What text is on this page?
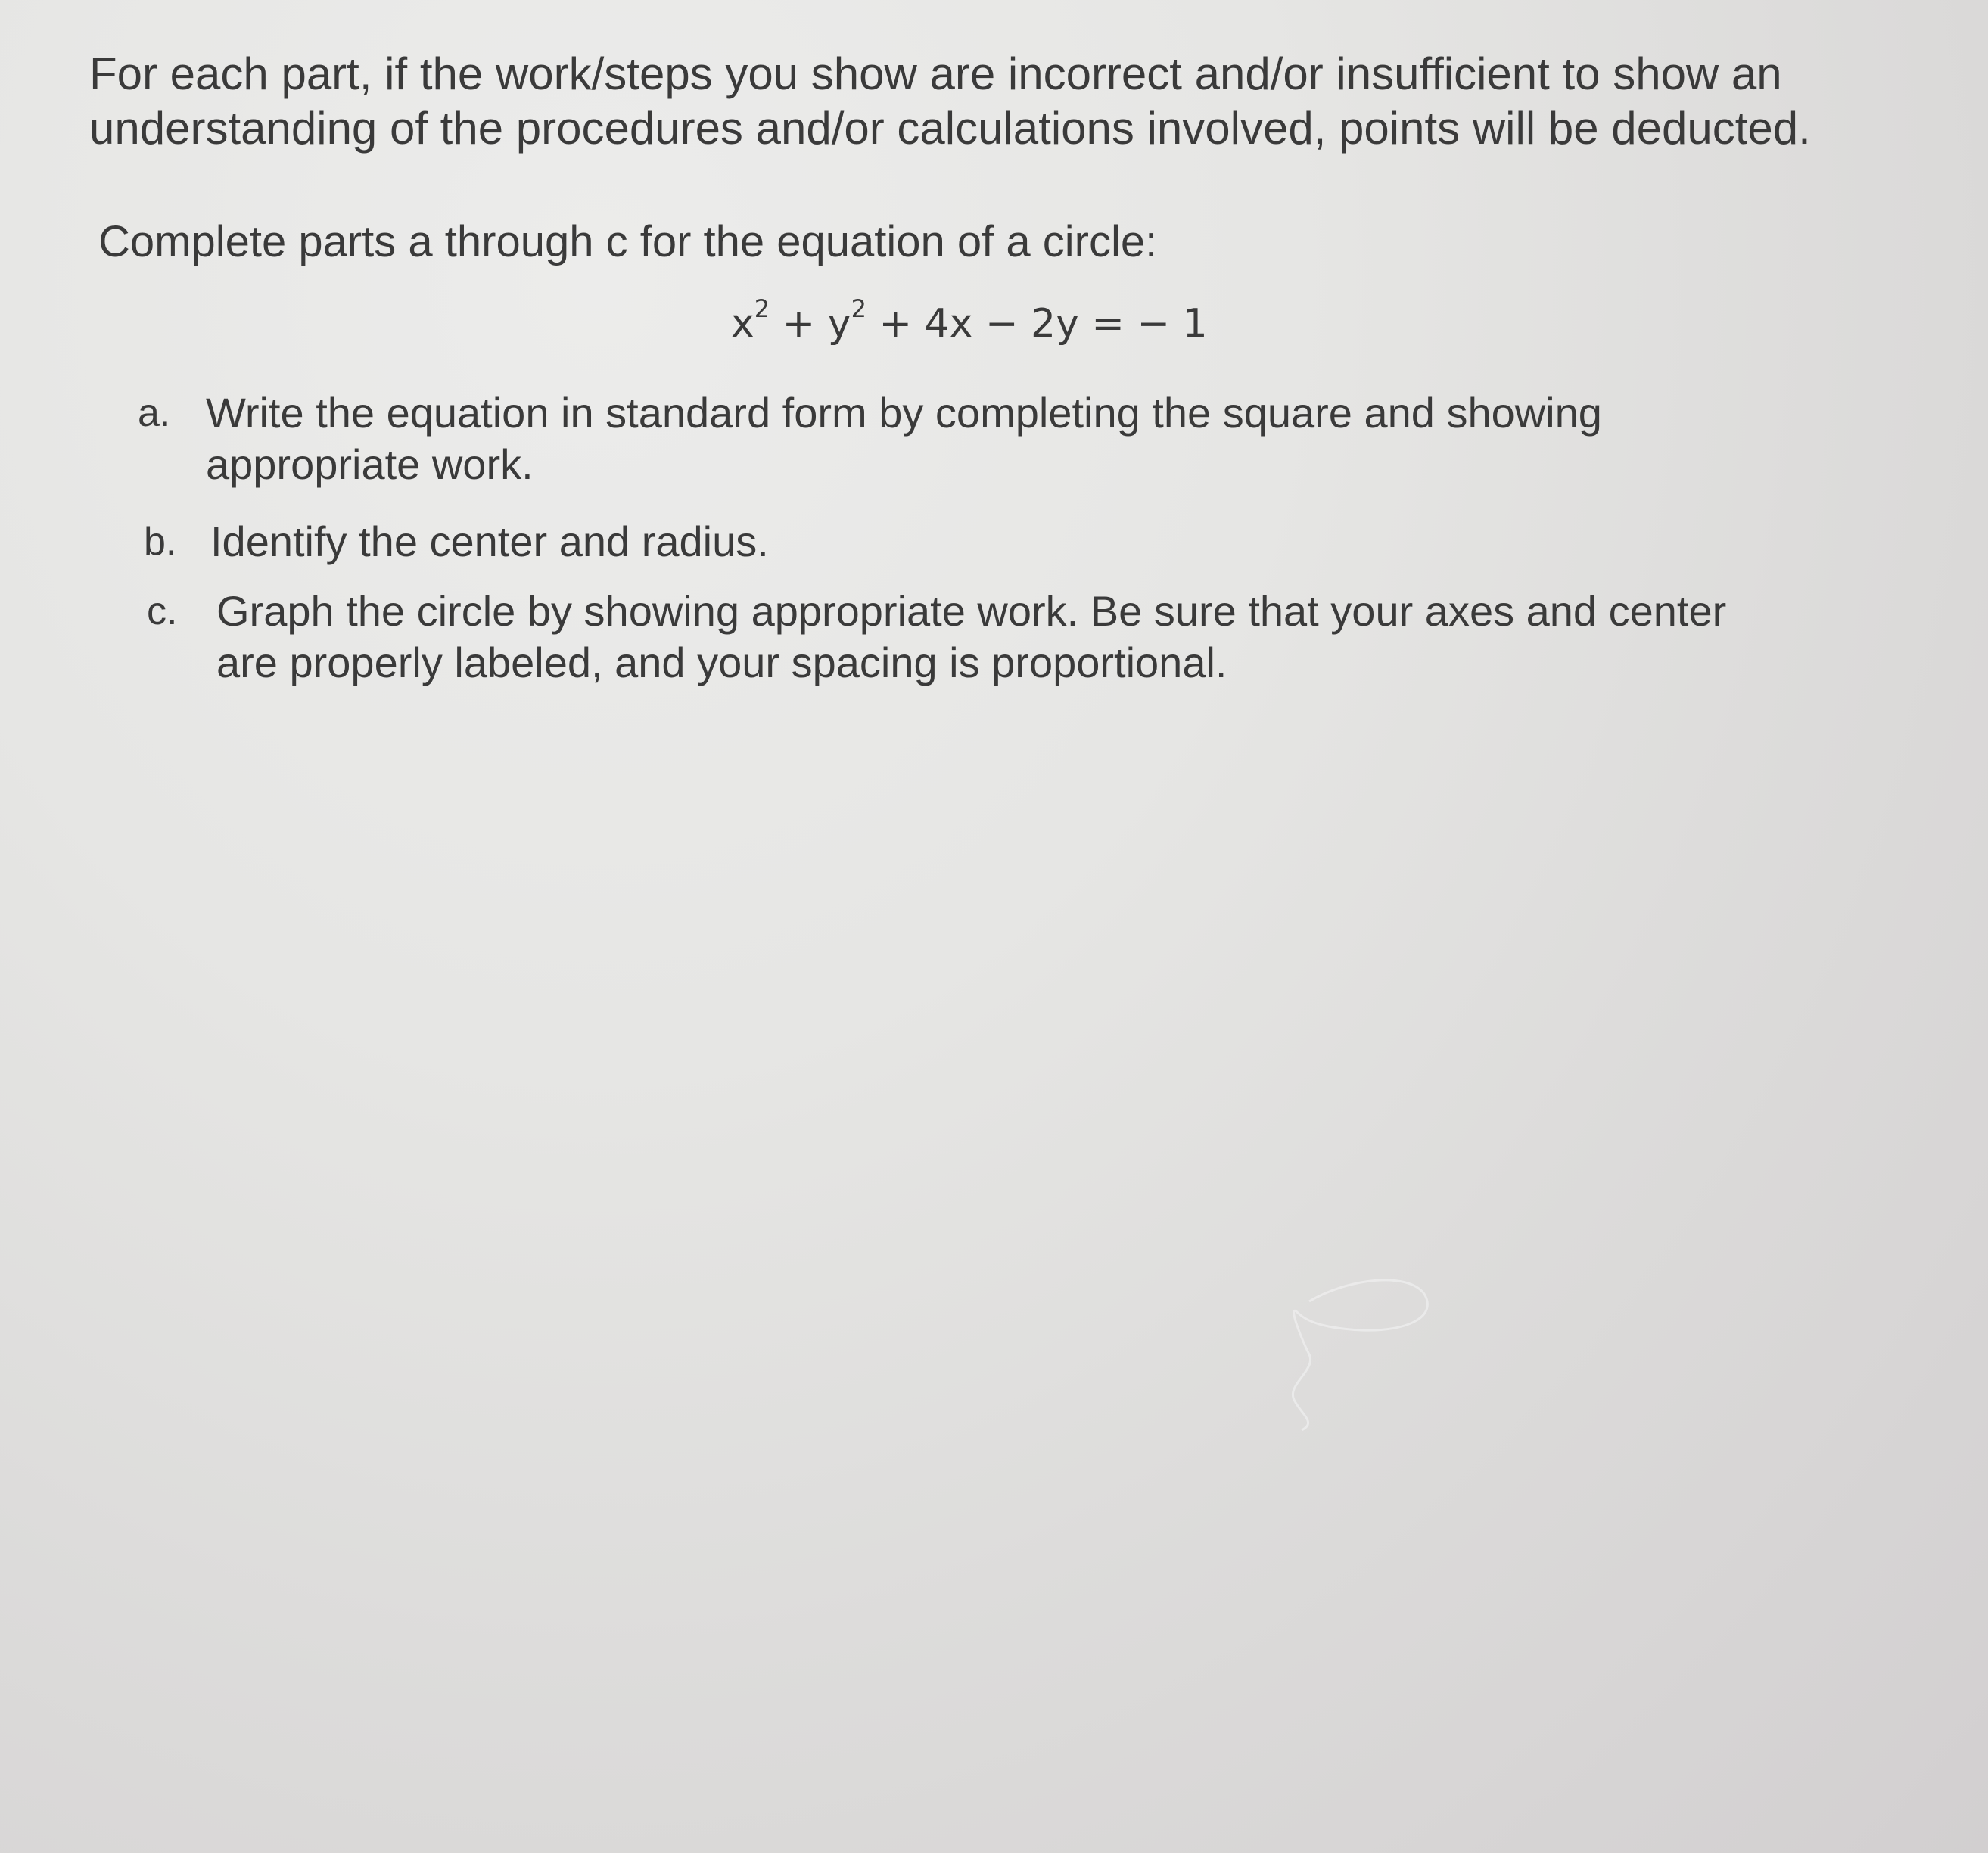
For each part, if the work/steps you show are incorrect and/or insufficient to show an
understanding of the procedures and/or calculations involved, points will be deducted.

Complete parts a through c for the equation of a circle:

$x^2 + y^2 + 4x - 2y$ = − 1
a. Write the equation in standard form by completing the square and showing
appropriate work.
b. Identify the center and radius.
c. Graph the circle by showing appropriate work. Be sure that your axes and center
are properly labeled, and your spacing is proportional.
